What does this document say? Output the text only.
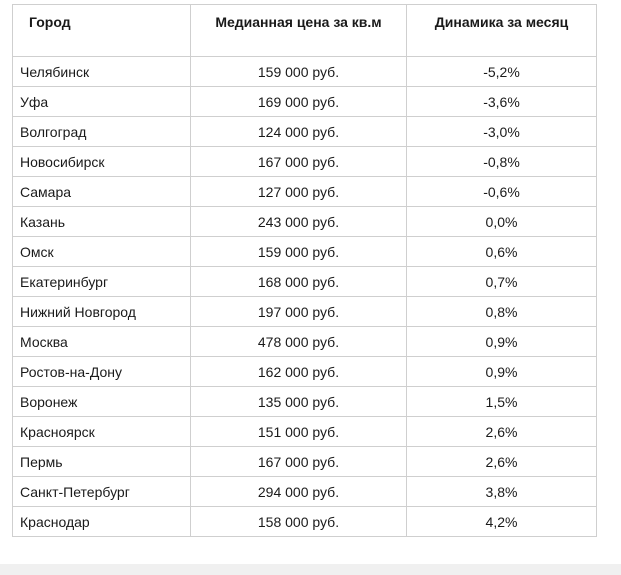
Город	Медианная цена за кв.м	Динамика за месяц
Челябинск	159 000 руб.	-5,2%
Уфа	169 000 руб.	-3,6%
Волгоград	124 000 руб.	-3,0%
Новосибирск	167 000 руб.	-0,8%
Самара	127 000 руб.	-0,6%
Казань	243 000 руб.	0,0%
Омск	159 000 руб.	0,6%
Екатеринбург	168 000 руб.	0,7%
Нижний Новгород	197 000 руб.	0,8%
Москва	478 000 руб.	0,9%
Ростов-на-Дону	162 000 руб.	0,9%
Воронеж	135 000 руб.	1,5%
Красноярск	151 000 руб.	2,6%
Пермь	167 000 руб.	2,6%
Санкт-Петербург	294 000 руб.	3,8%
Краснодар	158 000 руб.	4,2%
